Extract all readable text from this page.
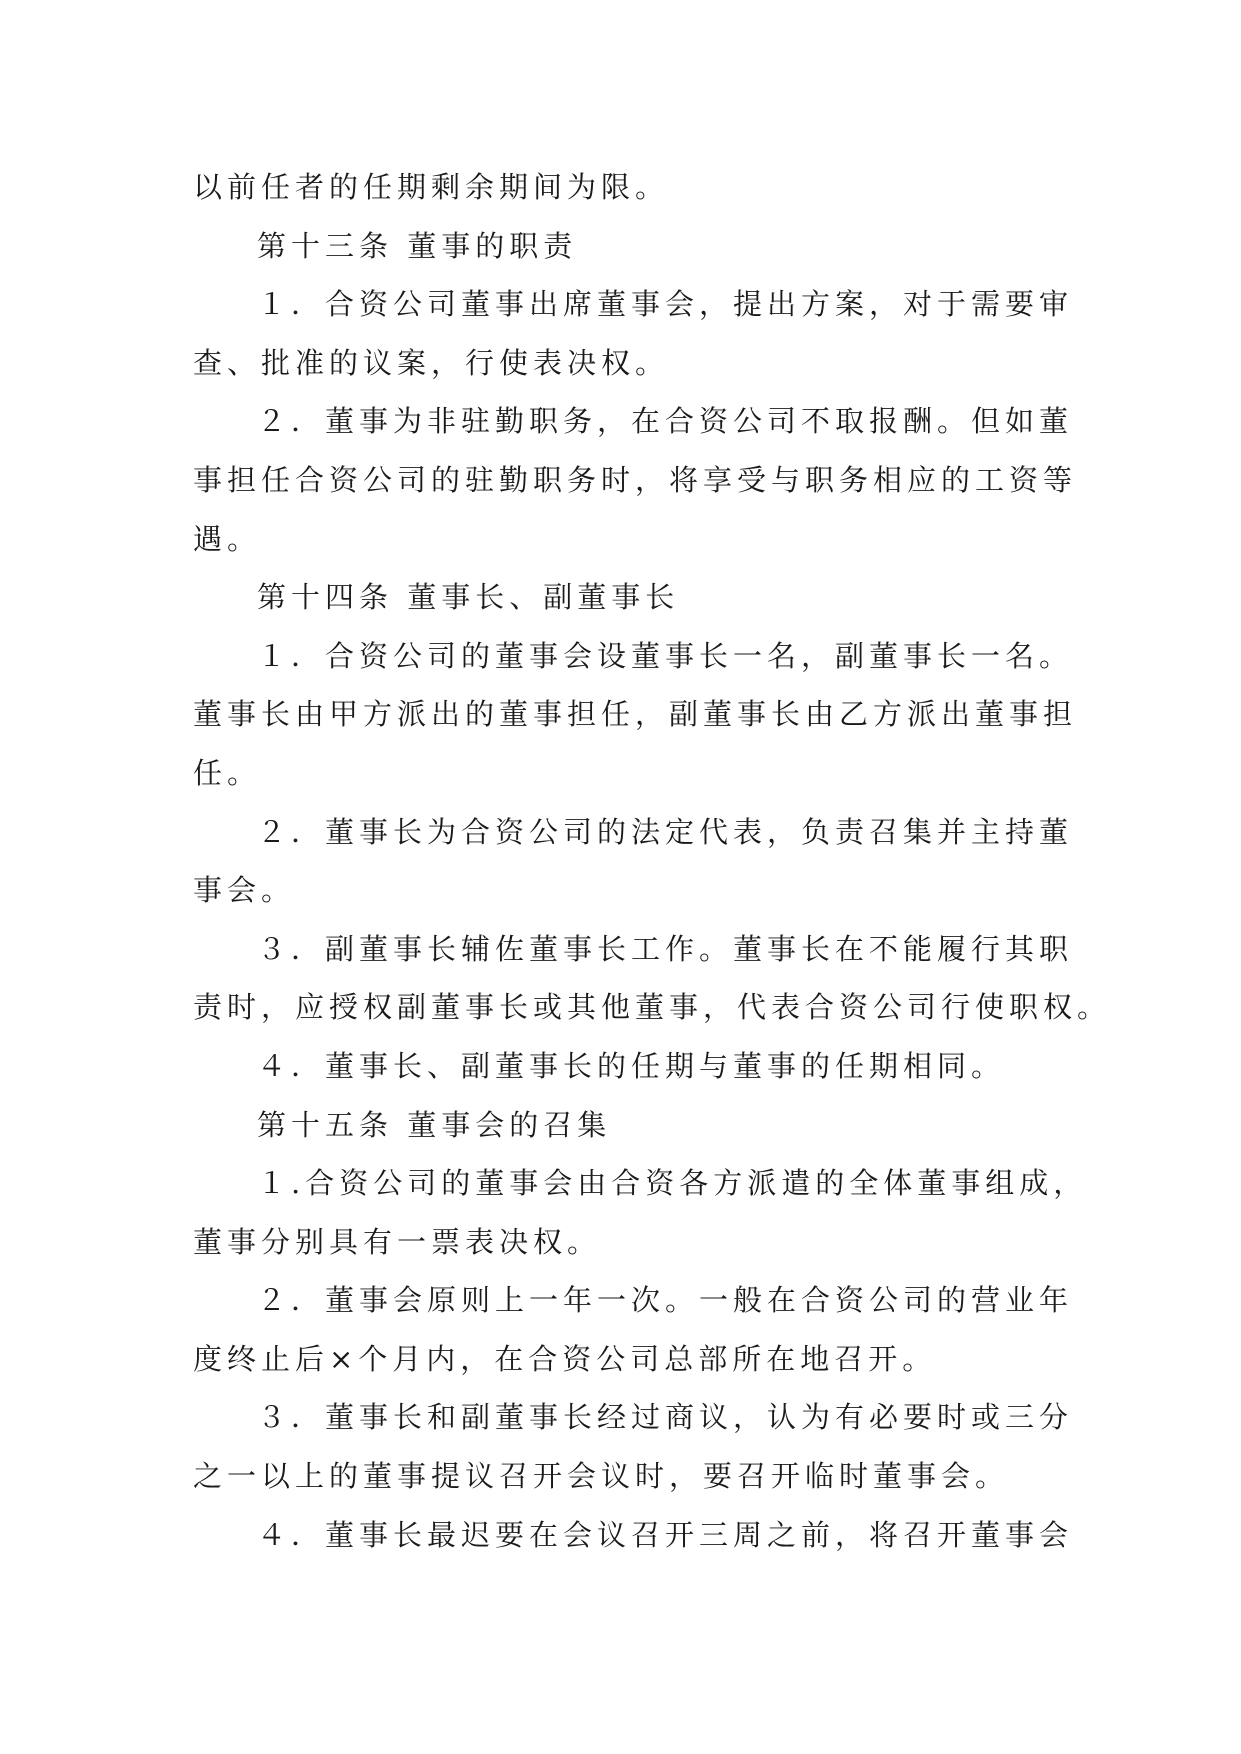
以前任者的任期剩余期间为限。
第十三条 董事的职责
１．合资公司董事出席董事会，提出方案，对于需要审
查、批准的议案，行使表决权。
２．董事为非驻勤职务，在合资公司不取报酬。但如董
事担任合资公司的驻勤职务时，将享受与职务相应的工资等
遇。
第十四条 董事长、副董事长
１．合资公司的董事会设董事长一名，副董事长一名。
董事长由甲方派出的董事担任，副董事长由乙方派出董事担
任。
２．董事长为合资公司的法定代表，负责召集并主持董
事会。
３．副董事长辅佐董事长工作。董事长在不能履行其职
责时，应授权副董事长或其他董事，代表合资公司行使职权。
４．董事长、副董事长的任期与董事的任期相同。
第十五条 董事会的召集
１.合资公司的董事会由合资各方派遣的全体董事组成，
董事分别具有一票表决权。
２．董事会原则上一年一次。一般在合资公司的营业年
度终止后×个月内，在合资公司总部所在地召开。
３．董事长和副董事长经过商议，认为有必要时或三分
之一以上的董事提议召开会议时，要召开临时董事会。
４．董事长最迟要在会议召开三周之前，将召开董事会
